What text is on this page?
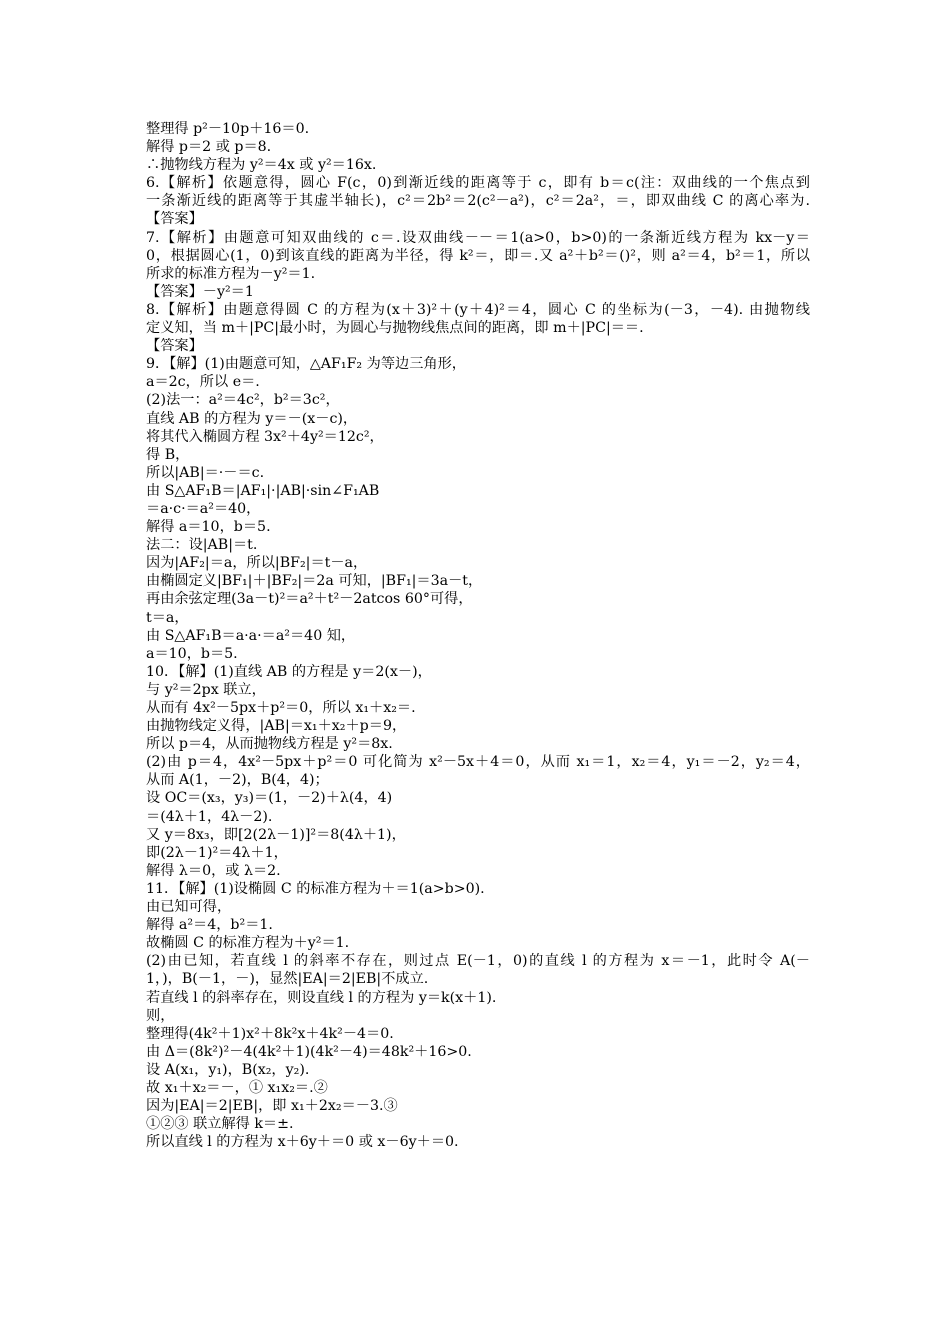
整理得 p²－10p＋16＝0.
解得 p＝2 或 p＝8.
∴抛物线方程为 y²＝4x 或 y²＝16x.
6.【解析】依题意得，圆心 F(c，0)到渐近线的距离等于 c，即有 b＝c(注：双曲线的一个焦点到
一条渐近线的距离等于其虚半轴长)，c²＝2b²＝2(c²－a²)，c²＝2a²，＝，即双曲线 C 的离心率为.
【答案】
7.【解析】由题意可知双曲线的 c＝.设双曲线－－＝1(a>0，b>0)的一条渐近线方程为 kx－y＝
0，根据圆心(1，0)到该直线的距离为半径，得 k²＝，即＝.又 a²＋b²＝()²，则 a²＝4，b²＝1，所以
所求的标准方程为－y²＝1.
【答案】－y²＝1
8.【解析】由题意得圆 C 的方程为(x＋3)²＋(y＋4)²＝4，圆心 C 的坐标为(－3，－4). 由抛物线
定义知，当 m＋|PC|最小时，为圆心与抛物线焦点间的距离，即 m＋|PC|＝＝.
【答案】
9．【解】(1)由题意可知，△AF₁F₂ 为等边三角形，
a＝2c，所以 e＝.
(2)法一：a²＝4c²，b²＝3c²，
直线 AB 的方程为 y＝－(x－c)，
将其代入椭圆方程 3x²＋4y²＝12c²，
得 B，
所以|AB|＝·－＝c.
由 S△AF₁B＝|AF₁|·|AB|·sin∠F₁AB
＝a·c·＝a²＝40，
解得 a＝10，b＝5.
法二：设|AB|＝t.
因为|AF₂|＝a，所以|BF₂|＝t－a，
由椭圆定义|BF₁|＋|BF₂|＝2a 可知，|BF₁|＝3a－t，
再由余弦定理(3a－t)²＝a²＋t²－2atcos 60°可得，
t＝a，
由 S△AF₁B＝a·a·＝a²＝40 知，
a＝10，b＝5.
10．【解】(1)直线 AB 的方程是 y＝2(x－)，
与 y²＝2px 联立，
从而有 4x²－5px＋p²＝0，所以 x₁＋x₂＝.
由抛物线定义得，|AB|＝x₁＋x₂＋p＝9，
所以 p＝4，从而抛物线方程是 y²＝8x.
(2)由 p＝4，4x²－5px＋p²＝0 可化简为 x²－5x＋4＝0，从而 x₁＝1，x₂＝4，y₁＝－2，y₂＝4，
从而 A(1，－2)，B(4，4)；
设 OC＝(x₃，y₃)＝(1，－2)＋λ(4，4)
＝(4λ＋1，4λ－2).
又 y＝8x₃，即[2(2λ－1)]²＝8(4λ＋1)，
即(2λ－1)²＝4λ＋1，
解得 λ＝0，或 λ＝2.
11．【解】(1)设椭圆 C 的标准方程为＋＝1(a>b>0).
由已知可得，
解得 a²＝4，b²＝1.
故椭圆 C 的标准方程为＋y²＝1.
(2)由已知，若直线 l 的斜率不存在，则过点 E(－1，0)的直线 l 的方程为 x＝－1，此时令 A(－
1，)，B(－1，－)，显然|EA|＝2|EB|不成立.
若直线 l 的斜率存在，则设直线 l 的方程为 y＝k(x＋1).
则，
整理得(4k²＋1)x²＋8k²x＋4k²－4＝0.
由 Δ＝(8k²)²－4(4k²＋1)(4k²－4)＝48k²＋16>0.
设 A(x₁，y₁)，B(x₂，y₂).
故 x₁＋x₂＝－，① x₁x₂＝.②
因为|EA|＝2|EB|，即 x₁＋2x₂＝－3.③
①②③ 联立解得 k＝±.
所以直线 l 的方程为 x＋6y＋＝0 或 x－6y＋＝0.
